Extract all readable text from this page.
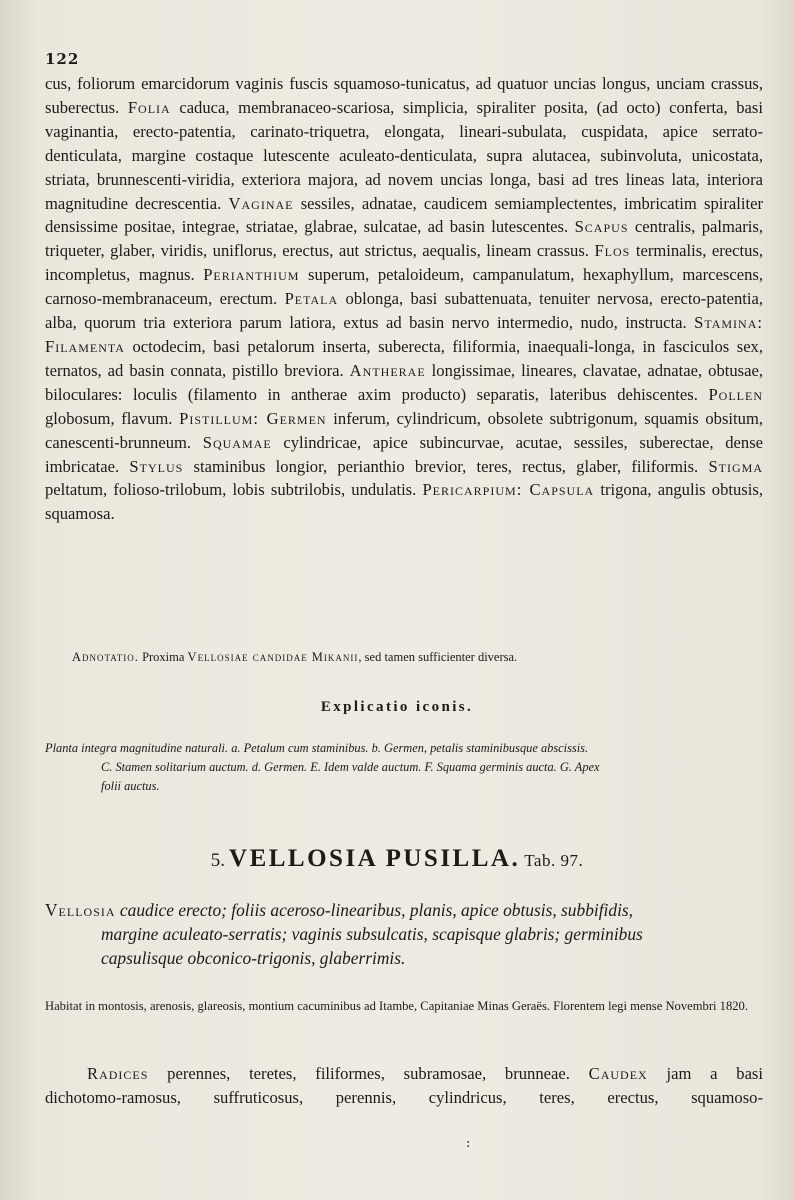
122

cus, foliorum emarcidorum vaginis fuscis squamoso-tunicatus, ad quatuor uncias longus, unciam crassus, suberectus. Folia caduca, membranaceo-scariosa, simplicia, spiraliter posita, (ad octo) conferta, basi vaginantia, erecto-patentia, carinato-triquetra, elongata, lineari-subulata, cuspidata, apice serrato-denticulata, margine costaque lutescente aculeato-denticulata, supra alutacea, subinvoluta, unicostata, striata, brunnescenti-viridia, exteriora majora, ad novem uncias longa, basi ad tres lineas lata, interiora magnitudine decrescentia. Vaginae sessiles, adnatae, caudicem semiamplectentes, imbricatim spiraliter densissime positae, integrae, striatae, glabrae, sulcatae, ad basin lutescentes. Scapus centralis, palmaris, triqueter, glaber, viridis, uniflorus, erectus, aut strictus, aequalis, lineam crassus. Flos terminalis, erectus, incompletus, magnus. Perianthium superum, petaloideum, campanulatum, hexaphyllum, marcescens, carnoso-membranaceum, erectum. Petala oblonga, basi subattenuata, tenuiter nervosa, erecto-patentia, alba, quorum tria exteriora parum latiora, extus ad basin nervo intermedio, nudo, instructa. Stamina: Filamenta octodecim, basi petalorum inserta, suberecta, filiformia, inaequali-longa, in fasciculos sex, ternatos, ad basin connata, pistillo breviora. Antherae longissimae, lineares, clavatae, adnatae, obtusae, biloculares: loculis (filamento in antherae axim producto) separatis, lateribus dehiscentes. Pollen globosum, flavum. Pistillum: Germen inferum, cylindricum, obsolete subtrigonum, squamis obsitum, canescenti-brunneum. Squamae cylindricae, apice subincurvae, acutae, sessiles, suberectae, dense imbricatae. Stylus staminibus longior, perianthio brevior, teres, rectus, glaber, filiformis. Stigma peltatum, folioso-trilobum, lobis subtrilobis, undulatis. Pericarpium: Capsula trigona, angulis obtusis, squamosa.

Adnotatio. Proxima Vellosiae candidae Mikanii, sed tamen sufficienter diversa.
Explicatio iconis.
Planta integra magnitudine naturali. a. Petalum cum staminibus. b. Germen, petalis staminibusque abscissis.

C. Stamen solitarium auctum. d. Germen. E. Idem valde auctum. F. Squama germinis aucta. G. Apex
folii auctus.
5. VELLOSIA PUSILLA. Tab. 97.
Vellosia caudice erecto; foliis aceroso-linearibus, planis, apice obtusis, subbifidis,
margine aculeato-serratis; vaginis subsulcatis, scapisque glabris; germinibus
capsulisque obconico-trigonis, glaberrimis.
Habitat in montosis, arenosis, glareosis, montium cacuminibus ad Itambe, Capitaniae Minas Geraës. Florentem legi mense Novembri 1820.
Radices perennes, teretes, filiformes, subramosae, brunneae. Caudex jam a basi
dichotomo-ramosus, suffruticosus, perennis, cylindricus, teres, erectus, squamoso-
:
